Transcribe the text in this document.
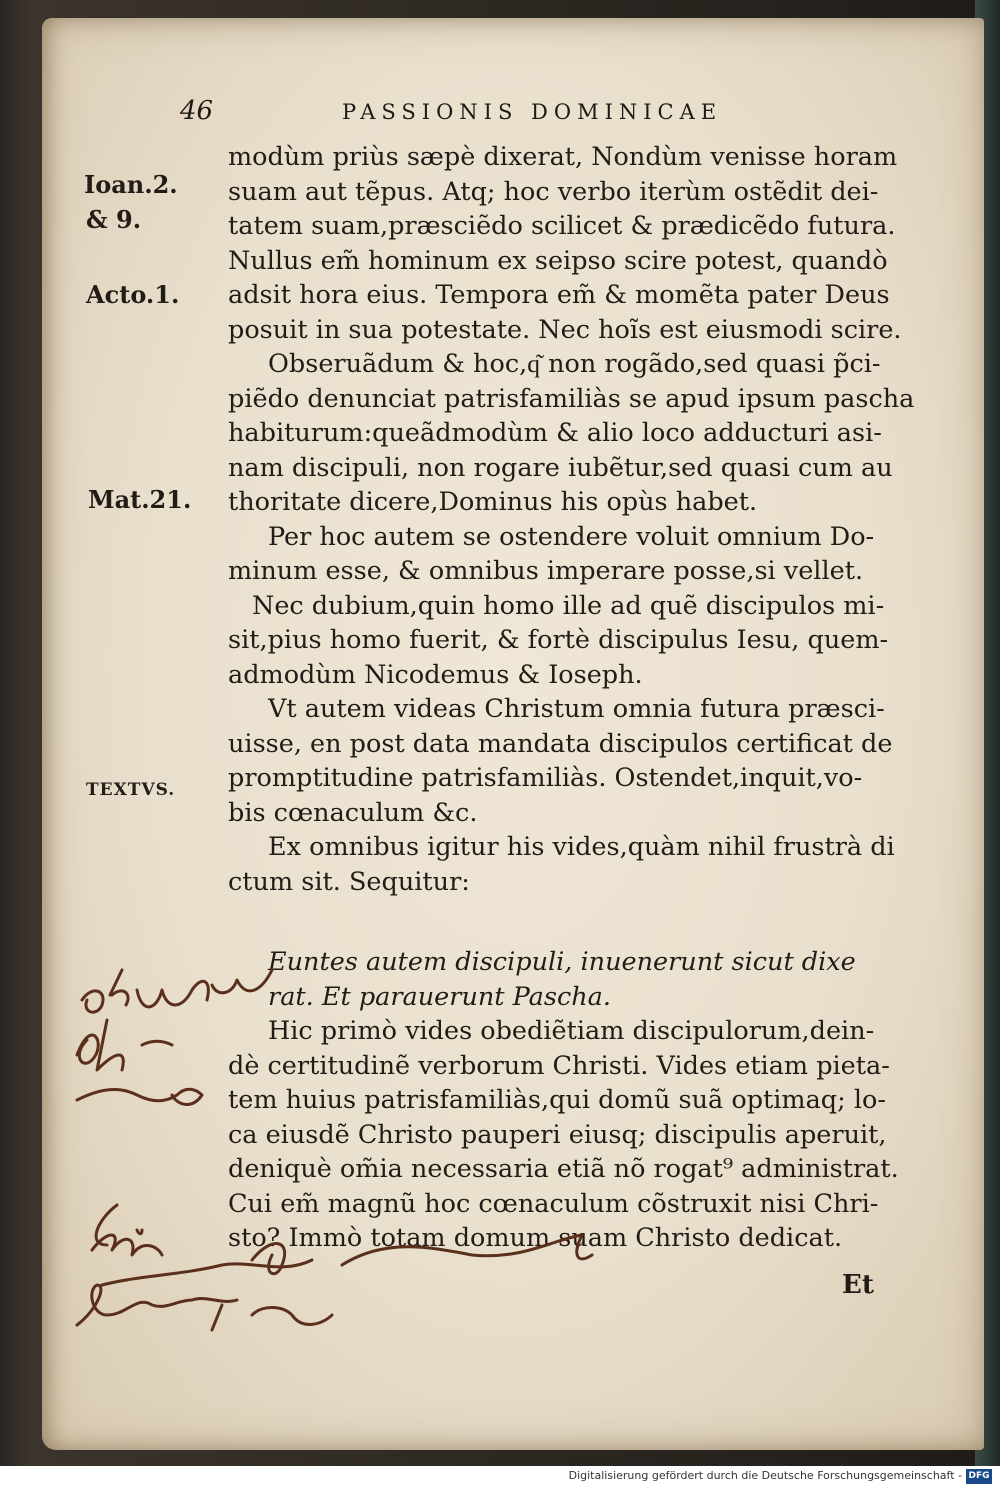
46	PASSIONIS DOMINICAE
Ioan.2.
& 9.
Acto.1.
Mat.21.
TEXTVS.
modùm priùs sæpè dixerat, Nondùm venisse horam
suam aut tẽpus. Atq; hoc verbo iterùm ostẽdit dei-
tatem suam,præsciẽdo scilicet & prædicẽdo futura.
Nullus em̃ hominum ex seipso scire potest, quandò
adsit hora eius. Tempora em̃ & momẽta pater Deus
posuit in sua potestate. Nec hoĩs est eiusmodi scire.
Obseruãdum & hoc,q͂ non rogãdo,sed quasi p̃ci-
piẽdo denunciat patrisfamiliàs se apud ipsum pascha
habiturum:queãdmodùm & alio loco adducturi asi-
nam discipuli, non rogare iubẽtur,sed quasi cum au
thoritate dicere,Dominus his opùs habet.
Per hoc autem se ostendere voluit omnium Do-
minum esse, & omnibus imperare posse,si vellet.
Nec dubium,quin homo ille ad quẽ discipulos mi-
sit,pius homo fuerit, & fortè discipulus Iesu, quem-
admodùm Nicodemus & Ioseph.
Vt autem videas Christum omnia futura præsci-
uisse, en post data mandata discipulos certificat de
promptitudine patrisfamiliàs. Ostendet,inquit,vo-
bis cœnaculum &c.
Ex omnibus igitur his vides,quàm nihil frustrà di
ctum sit. Sequitur:
Euntes autem discipuli, inuenerunt sicut dixe
rat. Et parauerunt Pascha.
Hic primò vides obediẽtiam discipulorum,dein-
dè certitudinẽ verborum Christi. Vides etiam pieta-
tem huius patrisfamiliàs,qui domũ suã optimaq; lo-
ca eiusdẽ Christo pauperi eiusq; discipulis aperuit,
deniquè om̃ia necessaria etiã nõ rogat⁹ administrat.
Cui em̃ magnũ hoc cœnaculum cõstruxit nisi Chri-
sto? Immò totam domum suam Christo dedicat.
Et
Digitalisierung gefördert durch die Deutsche Forschungsgemeinschaft - DFG
